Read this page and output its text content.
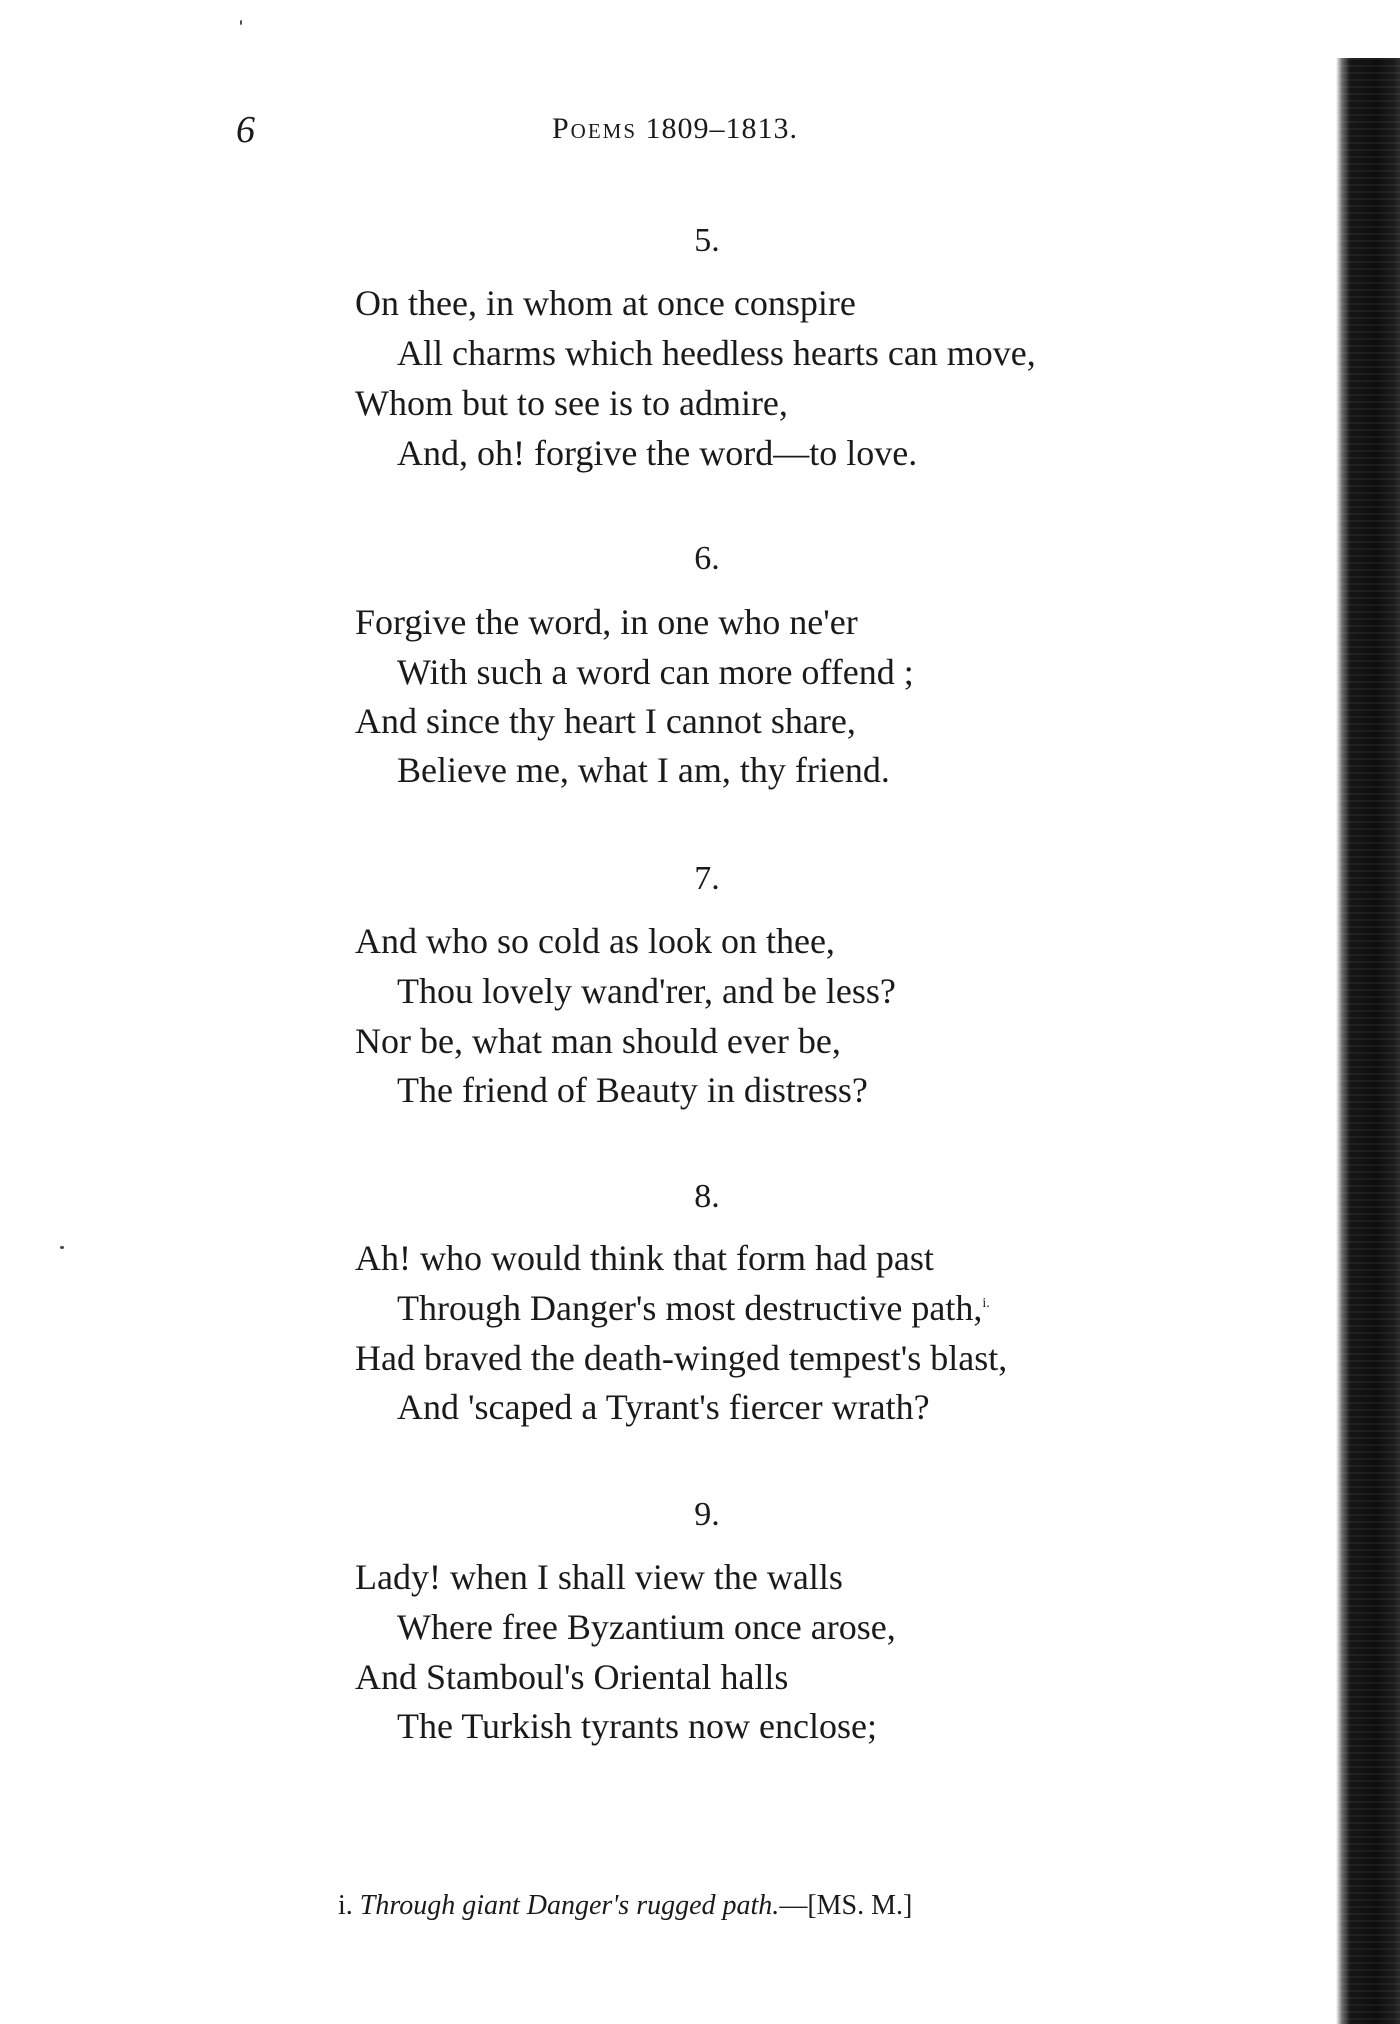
6	Poems 1809–1813.
5.
On thee, in whom at once conspire
All charms which heedless hearts can move,
Whom but to see is to admire,
And, oh! forgive the word—to love.
6.
Forgive the word, in one who ne'er
With such a word can more offend ;
And since thy heart I cannot share,
Believe me, what I am, thy friend.
7.
And who so cold as look on thee,
Thou lovely wand'rer, and be less?
Nor be, what man should ever be,
The friend of Beauty in distress?
8.
Ah! who would think that form had past
Through Danger's most destructive path,$^{i.}$
Had braved the death-winged tempest's blast,
And 'scaped a Tyrant's fiercer wrath?
9.
Lady! when I shall view the walls
Where free Byzantium once arose,
And Stamboul's Oriental halls
The Turkish tyrants now enclose;
i. Through giant Danger's rugged path.—[MS. M.]
